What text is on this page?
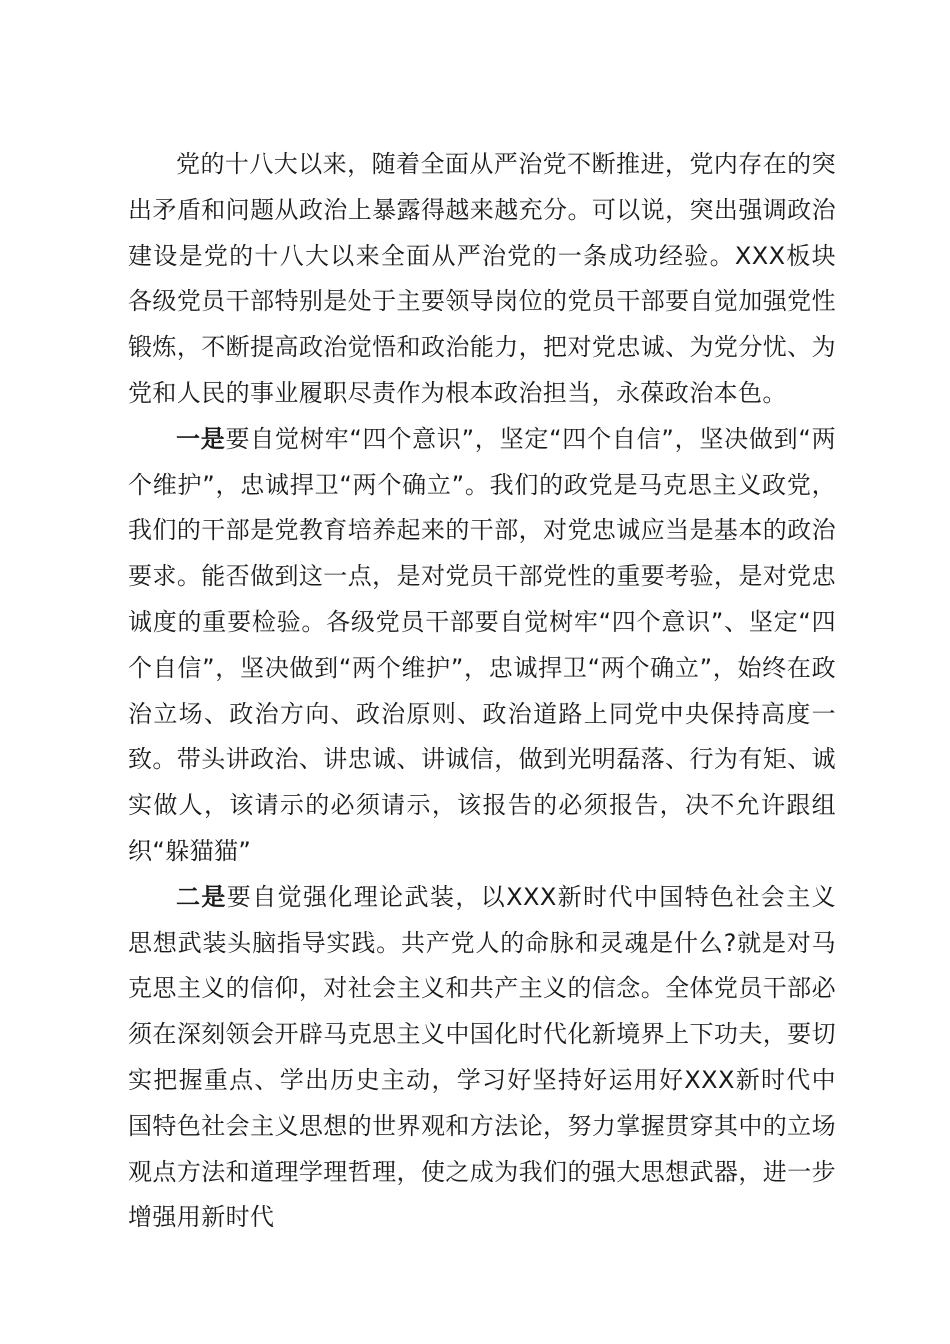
党的十八大以来，随着全面从严治党不断推进，党内存在的突出矛盾和问题从政治上暴露得越来越充分。可以说，突出强调政治建设是党的十八大以来全面从严治党的一条成功经验。XXX板块各级党员干部特别是处于主要领导岗位的党员干部要自觉加强党性锻炼，不断提高政治觉悟和政治能力，把对党忠诚、为党分忧、为党和人民的事业履职尽责作为根本政治担当，永葆政治本色。

一是要自觉树牢“四个意识”，坚定“四个自信”，坚决做到“两个维护”，忠诚捍卫“两个确立”。我们的政党是马克思主义政党，我们的干部是党教育培养起来的干部，对党忠诚应当是基本的政治要求。能否做到这一点，是对党员干部党性的重要考验，是对党忠诚度的重要检验。各级党员干部要自觉树牢“四个意识”、坚定“四个自信”，坚决做到“两个维护”，忠诚捍卫“两个确立”，始终在政治立场、政治方向、政治原则、政治道路上同党中央保持高度一致。带头讲政治、讲忠诚、讲诚信，做到光明磊落、行为有矩、诚实做人，该请示的必须请示，该报告的必须报告，决不允许跟组织“躲猫猫”

二是要自觉强化理论武装，以XXX新时代中国特色社会主义思想武装头脑指导实践。共产党人的命脉和灵魂是什么?就是对马克思主义的信仰，对社会主义和共产主义的信念。全体党员干部必须在深刻领会开辟马克思主义中国化时代化新境界上下功夫，要切实把握重点、学出历史主动，学习好坚持好运用好XXX新时代中国特色社会主义思想的世界观和方法论，努力掌握贯穿其中的立场观点方法和道理学理哲理，使之成为我们的强大思想武器，进一步增强用新时代
